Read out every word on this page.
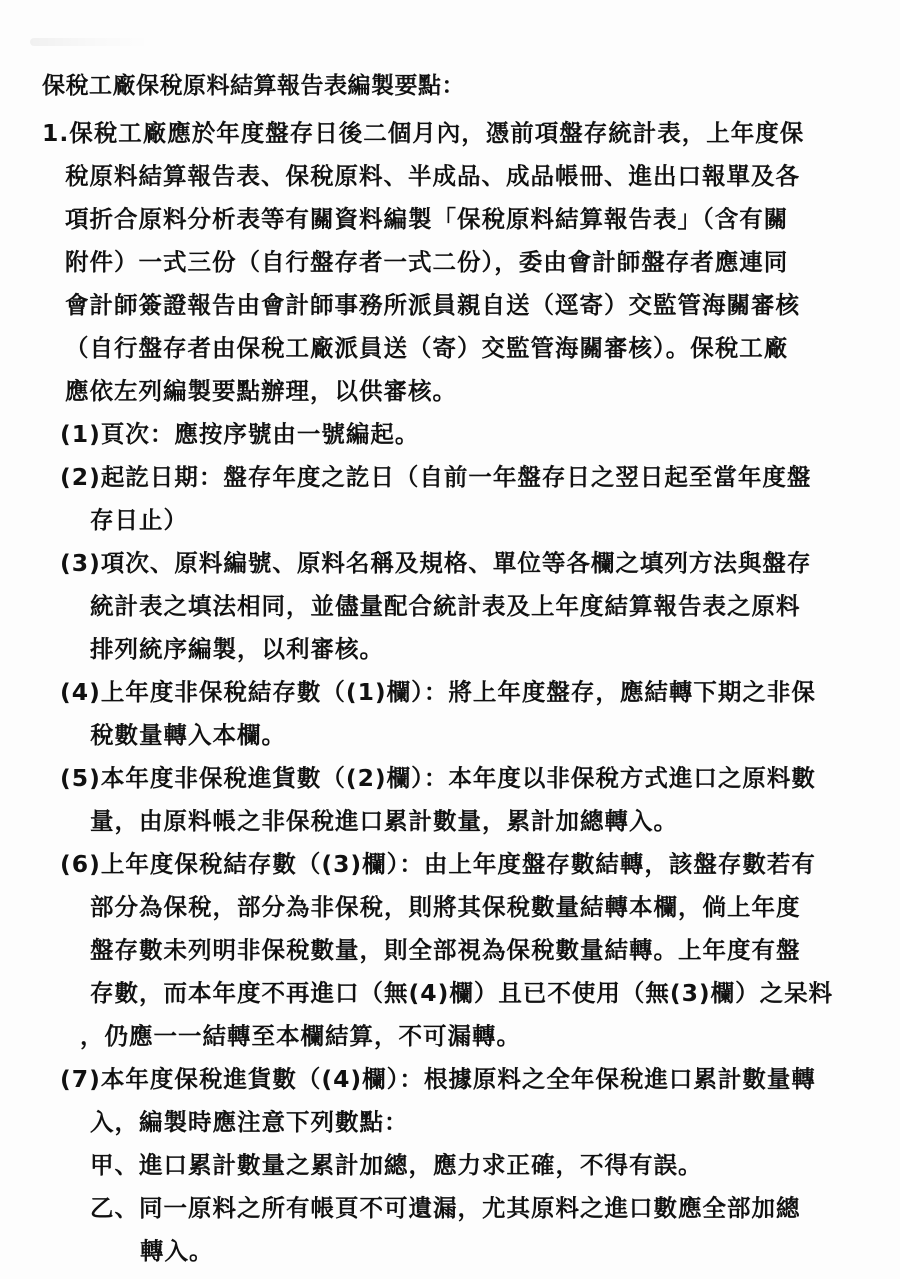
保稅工廠保稅原料結算報告表編製要點：
1.保稅工廠應於年度盤存日後二個月內，憑前項盤存統計表，上年度保
稅原料結算報告表、保稅原料、半成品、成品帳冊、進出口報單及各
項折合原料分析表等有關資料編製「保稅原料結算報告表」（含有關
附件）一式三份（自行盤存者一式二份），委由會計師盤存者應連同
會計師簽證報告由會計師事務所派員親自送（逕寄）交監管海關審核
（自行盤存者由保稅工廠派員送（寄）交監管海關審核）。保稅工廠
應依左列編製要點辦理，以供審核。
(1)頁次：應按序號由一號編起。
(2)起訖日期：盤存年度之訖日（自前一年盤存日之翌日起至當年度盤
存日止）
(3)項次、原料編號、原料名稱及規格、單位等各欄之填列方法與盤存
統計表之填法相同，並儘量配合統計表及上年度結算報告表之原料
排列統序編製，以利審核。
(4)上年度非保稅結存數（(1)欄）：將上年度盤存，應結轉下期之非保
稅數量轉入本欄。
(5)本年度非保稅進貨數（(2)欄）：本年度以非保稅方式進口之原料數
量，由原料帳之非保稅進口累計數量，累計加總轉入。
(6)上年度保稅結存數（(3)欄）：由上年度盤存數結轉，該盤存數若有
部分為保稅，部分為非保稅，則將其保稅數量結轉本欄，倘上年度
盤存數未列明非保稅數量，則全部視為保稅數量結轉。上年度有盤
存數，而本年度不再進口（無(4)欄）且已不使用（無(3)欄）之呆料
，仍應一一結轉至本欄結算，不可漏轉。
(7)本年度保稅進貨數（(4)欄）：根據原料之全年保稅進口累計數量轉
入，編製時應注意下列數點：
甲、進口累計數量之累計加總，應力求正確，不得有誤。
乙、同一原料之所有帳頁不可遺漏，尤其原料之進口數應全部加總
轉入。
